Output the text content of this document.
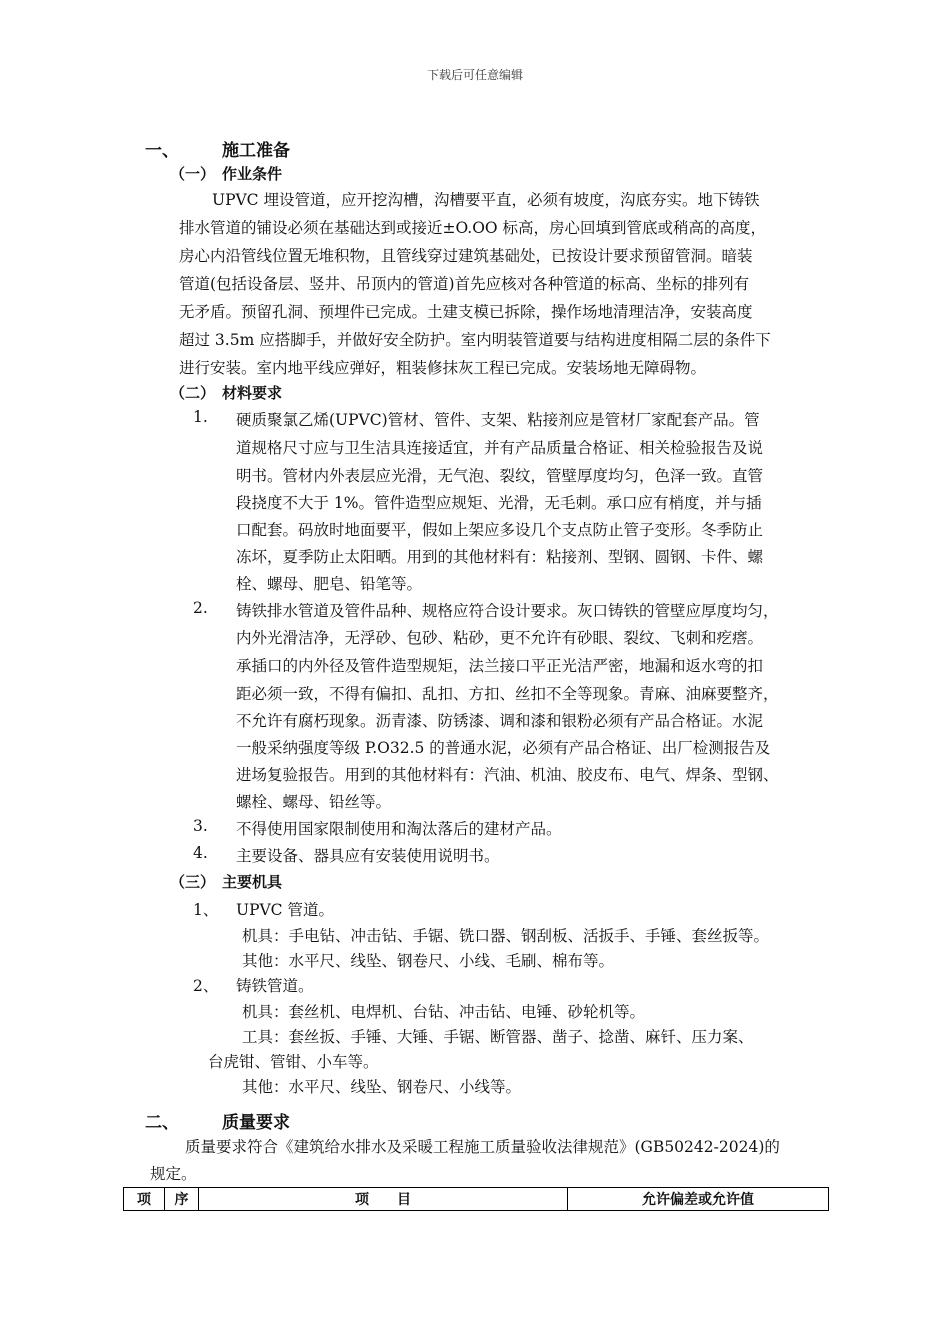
下载后可任意编辑
一、	施工准备
（一） 作业条件
UPVC 埋设管道，应开挖沟槽，沟槽要平直，必须有坡度，沟底夯实。地下铸铁
排水管道的铺设必须在基础达到或接近±O.OO 标高，房心回填到管底或稍高的高度，
房心内沿管线位置无堆积物，且管线穿过建筑基础处，已按设计要求预留管洞。暗装
管道(包括设备层、竖井、吊顶内的管道)首先应核对各种管道的标高、坐标的排列有
无矛盾。预留孔洞、预埋件已完成。土建支模已拆除，操作场地清理洁净，安装高度
超过 3.5m 应搭脚手，并做好安全防护。室内明装管道要与结构进度相隔二层的条件下
进行安装。室内地平线应弹好，粗装修抹灰工程已完成。安装场地无障碍物。
（二） 材料要求
1. 硬质聚氯乙烯(UPVC)管材、管件、支架、粘接剂应是管材厂家配套产品。管
道规格尺寸应与卫生洁具连接适宜，并有产品质量合格证、相关检验报告及说
明书。管材内外表层应光滑，无气泡、裂纹，管壁厚度均匀，色泽一致。直管
段挠度不大于 1%。管件造型应规矩、光滑，无毛刺。承口应有梢度，并与插
口配套。码放时地面要平，假如上架应多设几个支点防止管子变形。冬季防止
冻坏，夏季防止太阳晒。用到的其他材料有：粘接剂、型钢、圆钢、卡件、螺
栓、螺母、肥皂、铅笔等。
2. 铸铁排水管道及管件品种、规格应符合设计要求。灰口铸铁的管壁应厚度均匀，
内外光滑洁净，无浮砂、包砂、粘砂，更不允许有砂眼、裂纹、飞刺和疙瘩。
承插口的内外径及管件造型规矩，法兰接口平正光洁严密，地漏和返水弯的扣
距必须一致，不得有偏扣、乱扣、方扣、丝扣不全等现象。青麻、油麻要整齐，
不允许有腐朽现象。沥青漆、防锈漆、调和漆和银粉必须有产品合格证。水泥
一般采纳强度等级 P.O32.5 的普通水泥，必须有产品合格证、出厂检测报告及
进场复验报告。用到的其他材料有：汽油、机油、胶皮布、电气、焊条、型钢、
螺栓、螺母、铅丝等。
3. 不得使用国家限制使用和淘汰落后的建材产品。
4. 主要设备、器具应有安装使用说明书。
（三） 主要机具
1、 UPVC 管道。
机具：手电钻、冲击钻、手锯、铣口器、钢刮板、活扳手、手锤、套丝扳等。
其他：水平尺、线坠、钢卷尺、小线、毛刷、棉布等。
2、 铸铁管道。
机具：套丝机、电焊机、台钻、冲击钻、电锤、砂轮机等。
工具：套丝扳、手锤、大锤、手锯、断管器、凿子、捻凿、麻钎、压力案、
台虎钳、管钳、小车等。
其他：水平尺、线坠、钢卷尺、小线等。
二、	质量要求
质量要求符合《建筑给水排水及采暖工程施工质量验收法律规范》(GB50242-2024)的
规定。
项	序	项　　目	允许偏差或允许值
